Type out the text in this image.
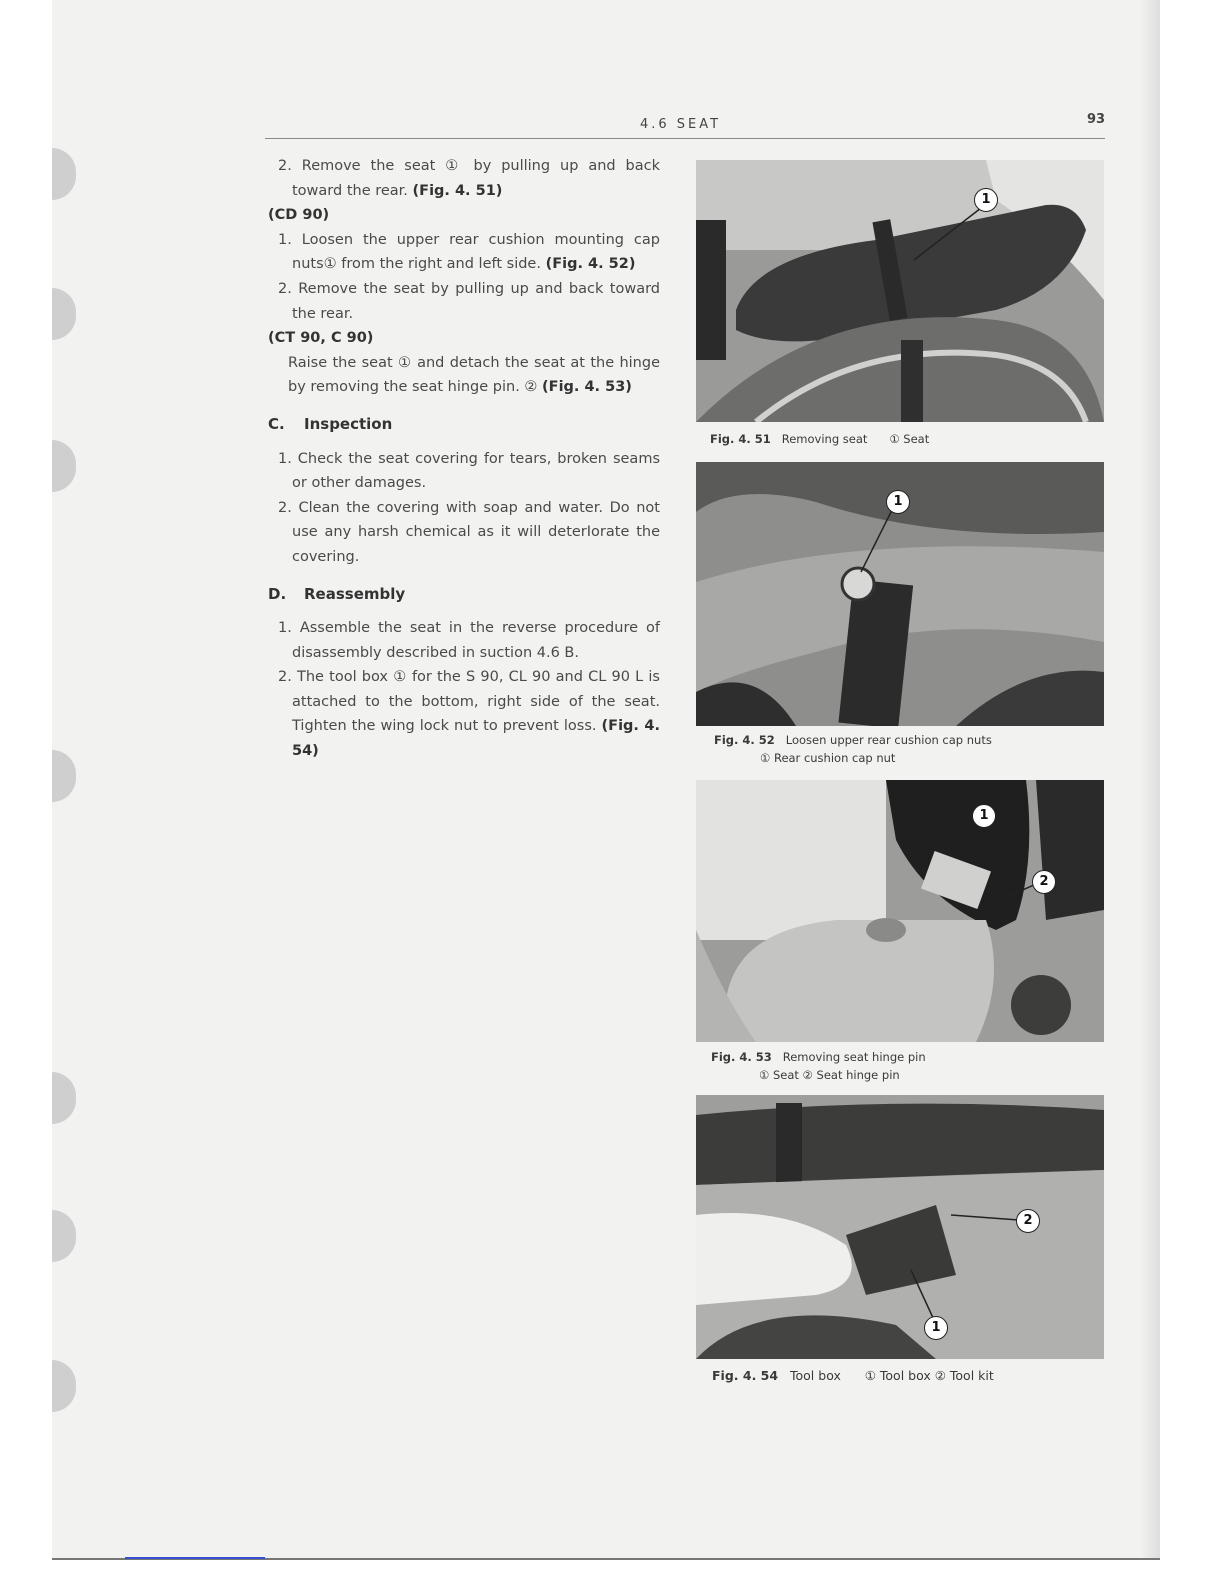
4.6 SEAT	93

2. Remove the seat ① by pulling up and back toward the rear. (Fig. 4. 51)

(CD 90)

1. Loosen the upper rear cushion mounting cap nuts① from the right and left side. (Fig. 4. 52)

2. Remove the seat by pulling up and back toward the rear.

(CT 90, C 90)

Raise the seat ① and detach the seat at the hinge by removing the seat hinge pin. ② (Fig. 4. 53)

C. Inspection

1. Check the seat covering for tears, broken seams or other damages.

2. Clean the covering with soap and water. Do not use any harsh chemical as it will deterIorate the covering.

D. Reassembly

1. Assemble the seat in the reverse procedure of disassembly described in suction 4.6 B.

2. The tool box ① for the S 90, CL 90 and CL 90 L is attached to the bottom, right side of the seat. Tighten the wing lock nut to prevent loss. (Fig. 4. 54)

1
Fig. 4. 51 Removing seat ① Seat
1
Fig. 4. 52 Loosen upper rear cushion cap nuts
① Rear cushion cap nut
1
2
Fig. 4. 53 Removing seat hinge pin
① Seat ② Seat hinge pin
2
1
Fig. 4. 54 Tool box ① Tool box ② Tool kit
